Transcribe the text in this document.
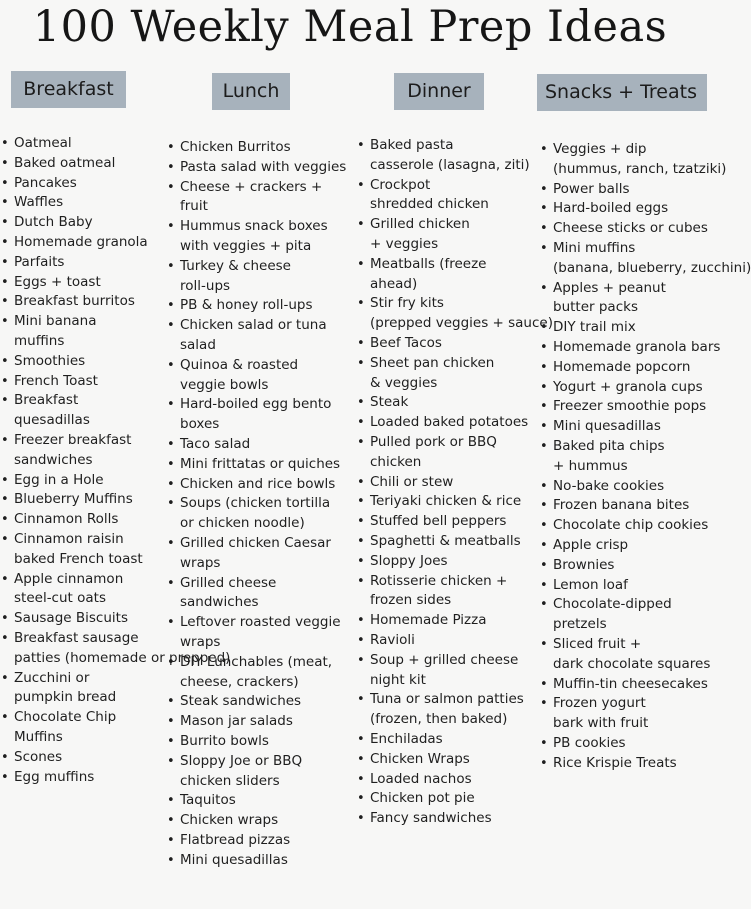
100 Weekly Meal Prep Ideas
Breakfast	Lunch	Dinner	Snacks + Treats
• Oatmeal
• Baked oatmeal
• Pancakes
• Waffles
• Dutch Baby
• Homemade granola
• Parfaits
• Eggs + toast
• Breakfast burritos
• Mini banana
muffins
• Smoothies
• French Toast
• Breakfast
quesadillas
• Freezer breakfast
sandwiches
• Egg in a Hole
• Blueberry Muffins
• Cinnamon Rolls
• Cinnamon raisin
baked French toast
• Apple cinnamon
steel-cut oats
• Sausage Biscuits
• Breakfast sausage
patties (homemade or prepped)
• Zucchini or
pumpkin bread
• Chocolate Chip
Muffins
• Scones
• Egg muffins
• Chicken Burritos
• Pasta salad with veggies
• Cheese + crackers +
fruit
• Hummus snack boxes
with veggies + pita
• Turkey & cheese
roll-ups
• PB & honey roll-ups
• Chicken salad or tuna
salad
• Quinoa & roasted
veggie bowls
• Hard-boiled egg bento
boxes
• Taco salad
• Mini frittatas or quiches
• Chicken and rice bowls
• Soups (chicken tortilla
or chicken noodle)
• Grilled chicken Caesar
wraps
• Grilled cheese
sandwiches
• Leftover roasted veggie
wraps
• DIY Lunchables (meat,
cheese, crackers)
• Steak sandwiches
• Mason jar salads
• Burrito bowls
• Sloppy Joe or BBQ
chicken sliders
• Taquitos
• Chicken wraps
• Flatbread pizzas
• Mini quesadillas
• Baked pasta
casserole (lasagna, ziti)
• Crockpot
shredded chicken
• Grilled chicken
+ veggies
• Meatballs (freeze
ahead)
• Stir fry kits
(prepped veggies + sauce)
• Beef Tacos
• Sheet pan chicken
& veggies
• Steak
• Loaded baked potatoes
• Pulled pork or BBQ
chicken
• Chili or stew
• Teriyaki chicken & rice
• Stuffed bell peppers
• Spaghetti & meatballs
• Sloppy Joes
• Rotisserie chicken +
frozen sides
• Homemade Pizza
• Ravioli
• Soup + grilled cheese
night kit
• Tuna or salmon patties
(frozen, then baked)
• Enchiladas
• Chicken Wraps
• Loaded nachos
• Chicken pot pie
• Fancy sandwiches
• Veggies + dip
(hummus, ranch, tzatziki)
• Power balls
• Hard-boiled eggs
• Cheese sticks or cubes
• Mini muffins
(banana, blueberry, zucchini)
• Apples + peanut
butter packs
• DIY trail mix
• Homemade granola bars
• Homemade popcorn
• Yogurt + granola cups
• Freezer smoothie pops
• Mini quesadillas
• Baked pita chips
+ hummus
• No-bake cookies
• Frozen banana bites
• Chocolate chip cookies
• Apple crisp
• Brownies
• Lemon loaf
• Chocolate-dipped
pretzels
• Sliced fruit +
dark chocolate squares
• Muffin-tin cheesecakes
• Frozen yogurt
bark with fruit
• PB cookies
• Rice Krispie Treats
